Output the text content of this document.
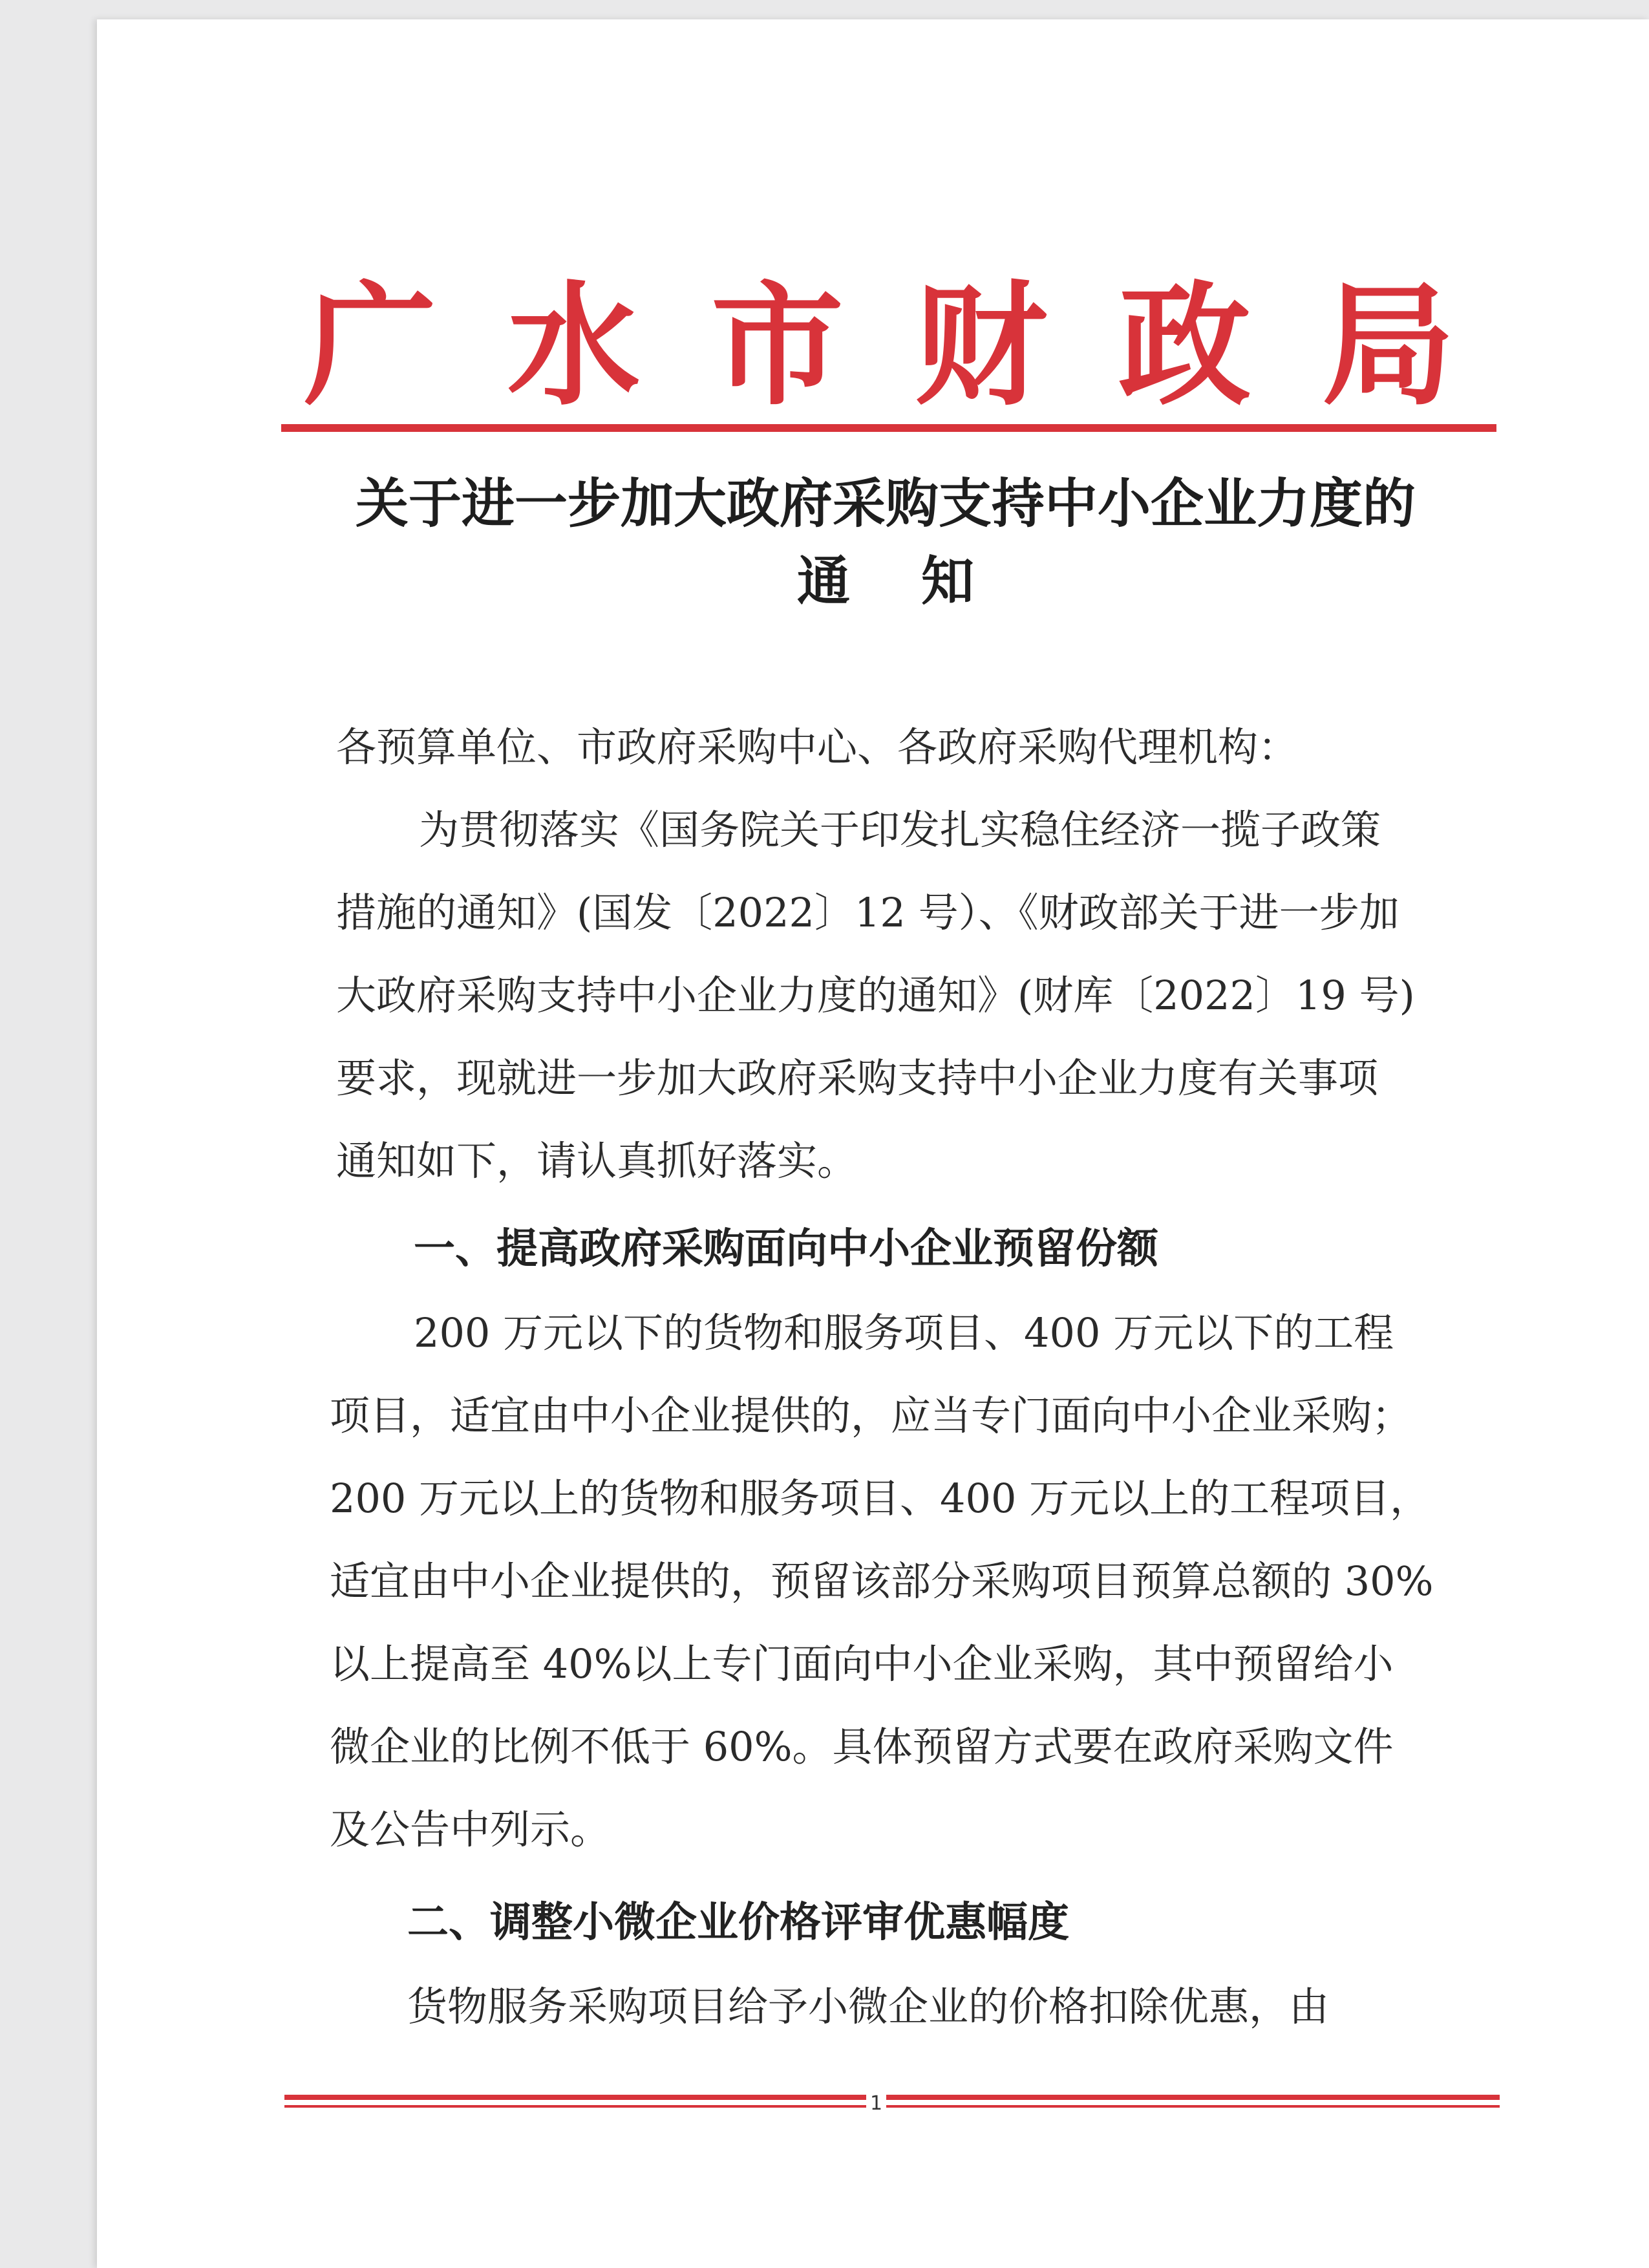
广 水 市 财 政 局
关于进一步加大政府采购支持中小企业力度的
通知
各预算单位、市政府采购中心、各政府采购代理机构：
为贯彻落实《国务院关于印发扎实稳住经济一揽子政策
措施的通知》(国发〔2022〕12 号）、《财政部关于进一步加
大政府采购支持中小企业力度的通知》(财库〔2022〕19 号)
要求，现就进一步加大政府采购支持中小企业力度有关事项
通知如下，请认真抓好落实。
一、提高政府采购面向中小企业预留份额
200 万元以下的货物和服务项目、400 万元以下的工程
项目，适宜由中小企业提供的，应当专门面向中小企业采购；
200 万元以上的货物和服务项目、400 万元以上的工程项目，
适宜由中小企业提供的，预留该部分采购项目预算总额的 30%
以上提高至 40%以上专门面向中小企业采购，其中预留给小
微企业的比例不低于 60%。具体预留方式要在政府采购文件
及公告中列示。
二、调整小微企业价格评审优惠幅度
货物服务采购项目给予小微企业的价格扣除优惠，由
1
